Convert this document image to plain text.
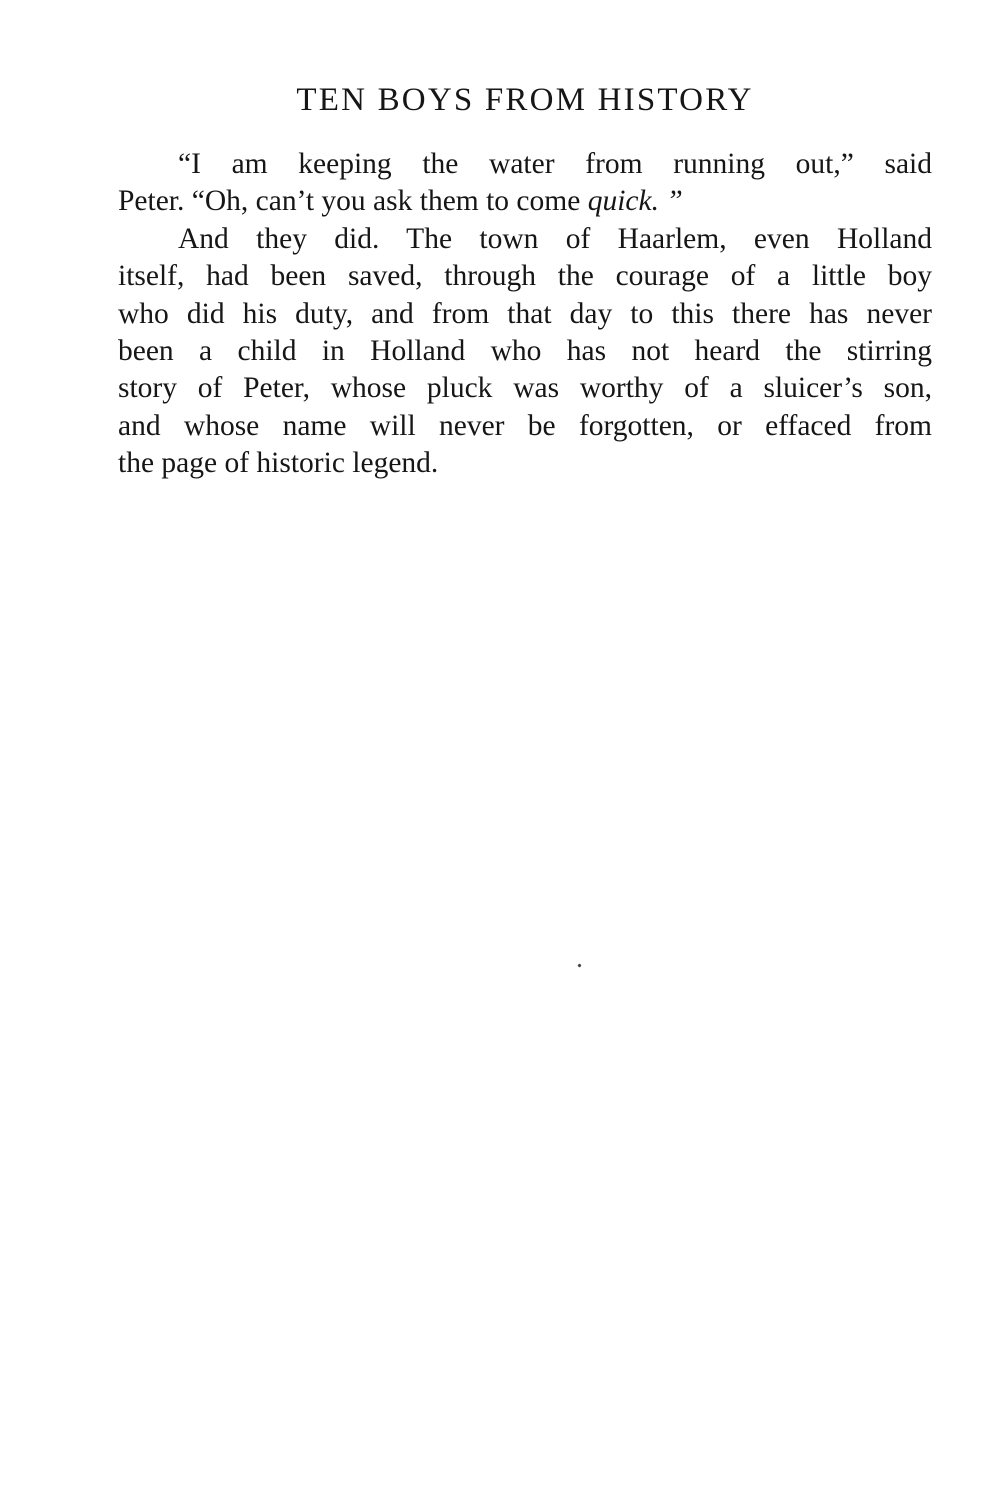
TEN BOYS FROM HISTORY
“I am keeping the water from running out,” said
Peter. “Oh, can’t you ask them to come quick. ”
And they did. The town of Haarlem, even Holland
itself, had been saved, through the courage of a little boy
who did his duty, and from that day to this there has never
been a child in Holland who has not heard the stirring
story of Peter, whose pluck was worthy of a sluicer’s son,
and whose name will never be forgotten, or effaced from
the page of historic legend.
